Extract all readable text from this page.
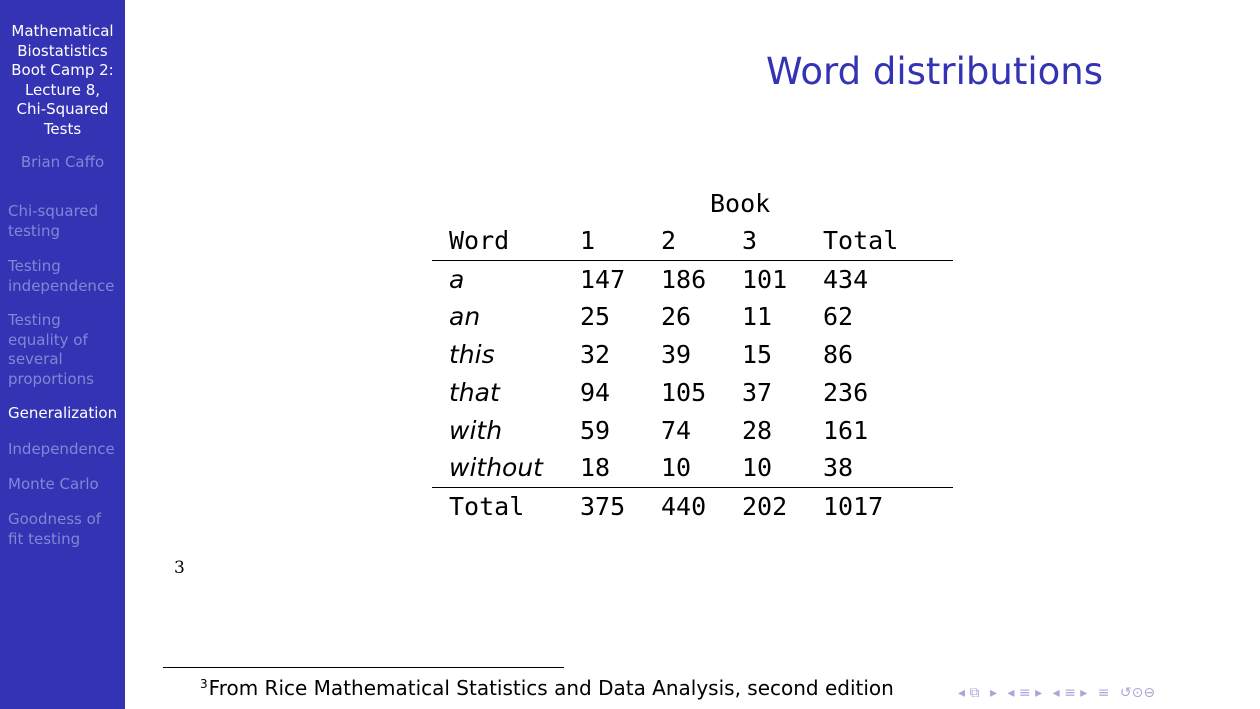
Mathematical
Biostatistics
Boot Camp 2:
Lecture 8,
Chi-Squared
Tests
Brian Caffo
Chi-squared
testing
Testing
independence
Testing
equality of
several
proportions
Generalization
Independence
Monte Carlo
Goodness of
fit testing
Word distributions
Book
Word	1	2	3	Total
a	147	186	101	434
an	25	26	11	62
this	32	39	15	86
that	94	105	37	236
with	59	74	28	161
without	18	10	10	38
Total	375	440	202	1017
3
$^3$From Rice Mathematical Statistics and Data Analysis, second edition	◂ ⧉ ▸ ◂ ≡ ▸ ◂ ≡ ▸ ≡ ↺⊙⊖
